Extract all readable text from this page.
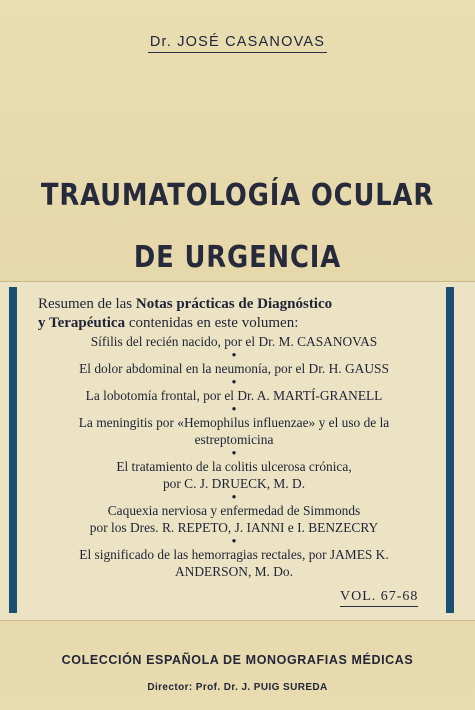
Dr. JOSÉ CASANOVAS
TRAUMATOLOGÍA OCULAR
DE URGENCIA
Resumen de las Notas prácticas de Diagnóstico
y Terapéutica contenidas en este volumen:
Sífilis del recién nacido, por el Dr. M. CASANOVAS
●
El dolor abdominal en la neumonía, por el Dr. H. GAUSS
●
La lobotomía frontal, por el Dr. A. MARTÍ-GRANELL
●
La meningitis por «Hemophilus influenzae» y el uso de la
estreptomicina
●
El tratamiento de la colitis ulcerosa crónica,
por C. J. DRUECK, M. D.
●
Caquexia nerviosa y enfermedad de Simmonds
por los Dres. R. REPETO, J. IANNI e I. BENZECRY
●
El significado de las hemorragias rectales, por JAMES K.
ANDERSON, M. Do.
VOL. 67-68
COLECCIÓN ESPAÑOLA DE MONOGRAFIAS MÉDICAS
Director: Prof. Dr. J. PUIG SUREDA
